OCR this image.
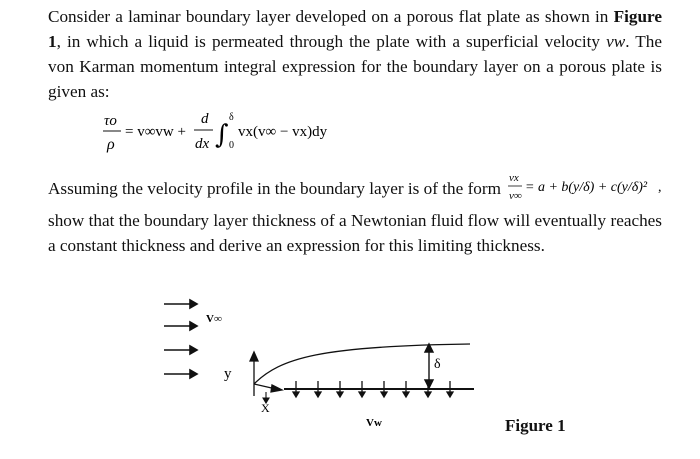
Consider a laminar boundary layer developed on a porous flat plate as shown in Figure 1, in which a liquid is permeated through the plate with a superficial velocity vw. The von Karman momentum integral expression for the boundary layer on a porous plate is given as:
τo
ρ
= v∞vw +
d
dx ∫
δ
0
vx(v∞ − vx)dy
Assuming the velocity profile in the boundary layer is of the form
vx
v∞
= a + b(y/δ) + c(y/δ)² ,
show that the boundary layer thickness of a Newtonian fluid flow will eventually reaches a constant thickness and derive an expression for this limiting thickness.
V∞
y
X
δ
Vw	Figure 1
